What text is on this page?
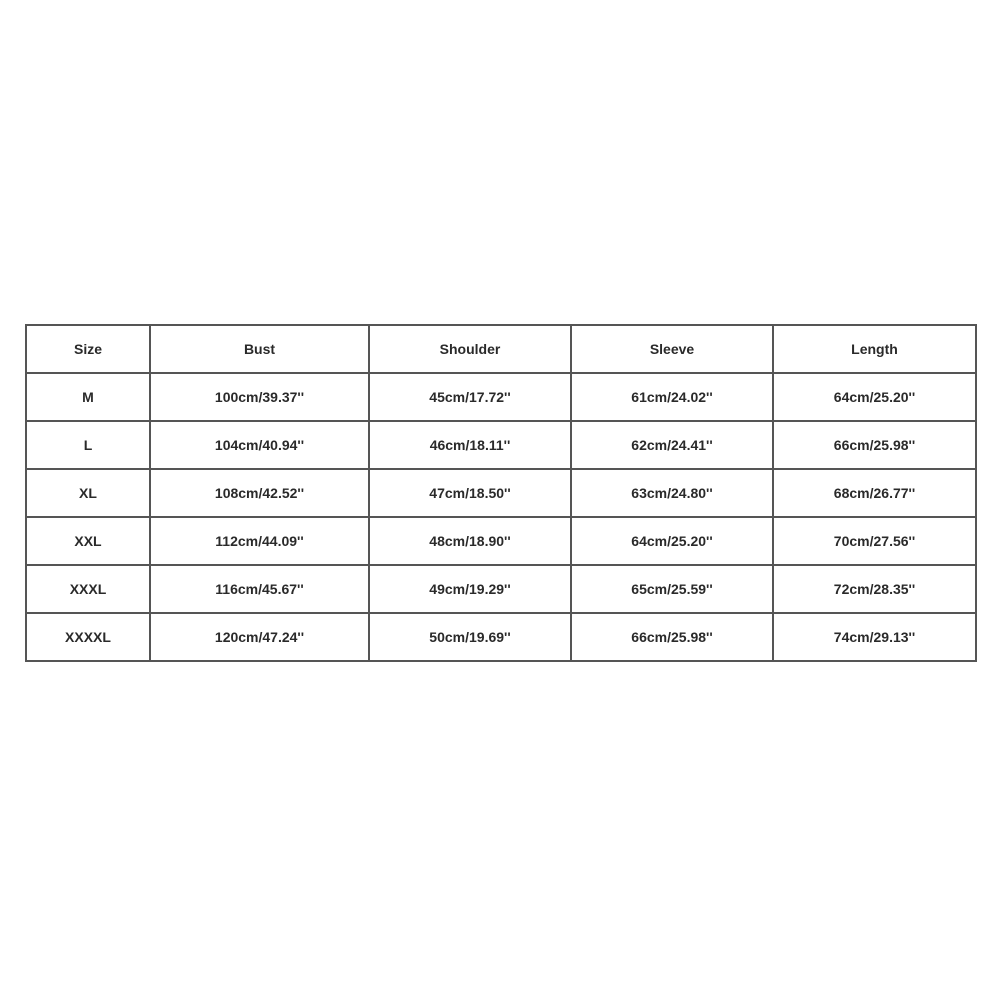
Size	Bust	Shoulder	Sleeve	Length
M	100cm/39.37''	45cm/17.72''	61cm/24.02''	64cm/25.20''
L	104cm/40.94''	46cm/18.11''	62cm/24.41''	66cm/25.98''
XL	108cm/42.52''	47cm/18.50''	63cm/24.80''	68cm/26.77''
XXL	112cm/44.09''	48cm/18.90''	64cm/25.20''	70cm/27.56''
XXXL	116cm/45.67''	49cm/19.29''	65cm/25.59''	72cm/28.35''
XXXXL	120cm/47.24''	50cm/19.69''	66cm/25.98''	74cm/29.13''
